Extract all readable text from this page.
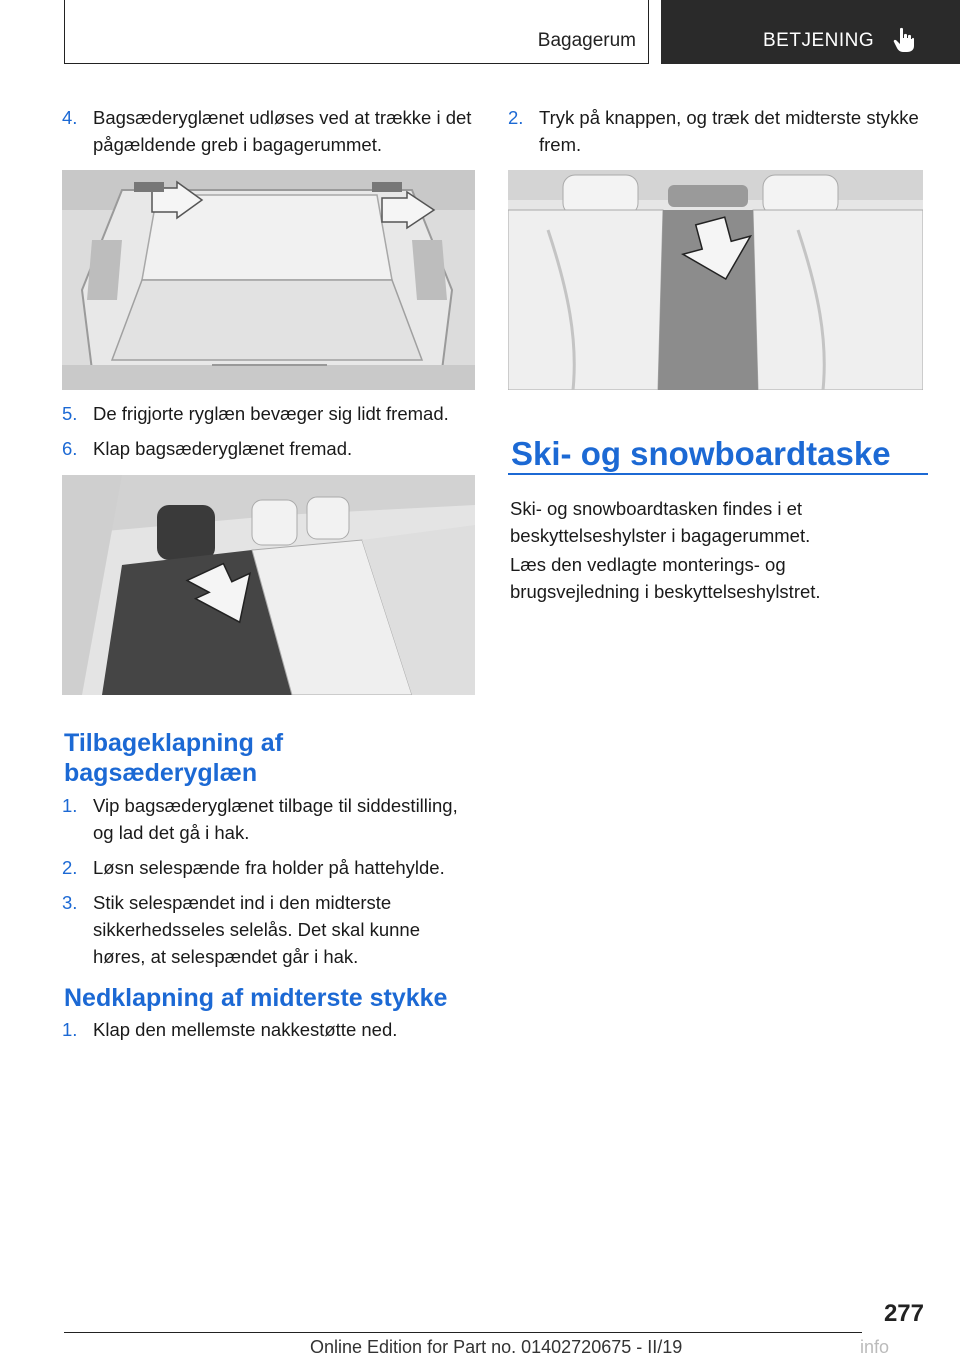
Bagagerum	BETJENING
4. Bagsæderyglænet udløses ved at trække i det pågældende greb i bagagerummet.
5. De frigjorte ryglæn bevæger sig lidt fremad.
6. Klap bagsæderyglænet fremad.
Tilbageklapning af bagsæderyglæn
1. Vip bagsæderyglænet tilbage til siddestilling, og lad det gå i hak.
2. Løsn selespænde fra holder på hattehylde.
3. Stik selespændet ind i den midterste sikkerhedsseles selelås. Det skal kunne høres, at selespændet går i hak.
Nedklapning af midterste stykke
1. Klap den mellemste nakkestøtte ned.
2. Tryk på knappen, og træk det midterste stykke frem.
Ski- og snowboardtaske

Ski- og snowboardtasken findes i et beskyttelseshylster i bagagerummet.

Læs den vedlagte monterings- og brugsvejledning i beskyttelseshylstret.

277
Online Edition for Part no. 01402720675 - II/19	info
